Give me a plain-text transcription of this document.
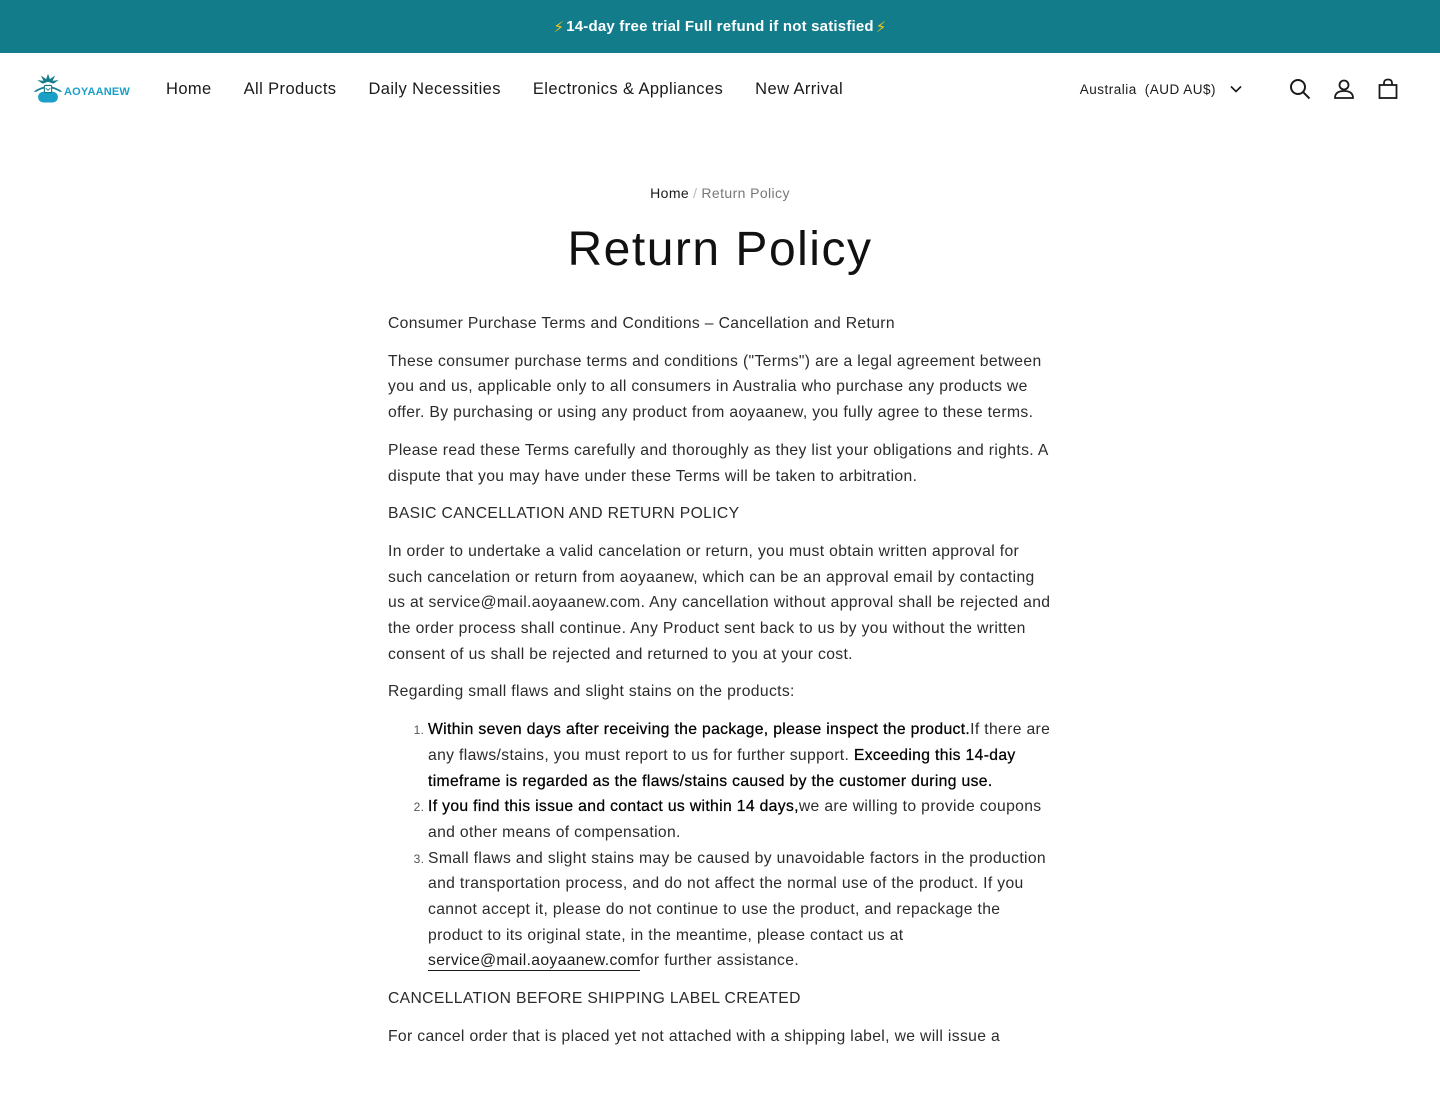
⚡ 14-day free trial Full refund if not satisfied ⚡
AOYAANEW Home All Products Daily Necessities Electronics & Appliances New Arrival	Australia (AUD AU$)
Home / Return Policy
Return Policy

Consumer Purchase Terms and Conditions – Cancellation and Return

These consumer purchase terms and conditions ("Terms") are a legal agreement between you and us, applicable only to all consumers in Australia who purchase any products we offer. By purchasing or using any product from aoyaanew, you fully agree to these terms.

Please read these Terms carefully and thoroughly as they list your obligations and rights. A dispute that you may have under these Terms will be taken to arbitration.

BASIC CANCELLATION AND RETURN POLICY

In order to undertake a valid cancelation or return, you must obtain written approval for such cancelation or return from aoyaanew, which can be an approval email by contacting us at service@mail.aoyaanew.com. Any cancellation without approval shall be rejected and the order process shall continue. Any Product sent back to us by you without the written consent of us shall be rejected and returned to you at your cost.

Regarding small flaws and slight stains on the products:

1. Within seven days after receiving the package, please inspect the product.If there are any flaws/stains, you must report to us for further support. Exceeding this 14-day timeframe is regarded as the flaws/stains caused by the customer during use.
2. If you find this issue and contact us within 14 days,we are willing to provide coupons and other means of compensation.
3. Small flaws and slight stains may be caused by unavoidable factors in the production and transportation process, and do not affect the normal use of the product. If you cannot accept it, please do not continue to use the product, and repackage the product to its original state, in the meantime, please contact us at service@mail.aoyaanew.comfor further assistance.

CANCELLATION BEFORE SHIPPING LABEL CREATED

For cancel order that is placed yet not attached with a shipping label, we will issue a
